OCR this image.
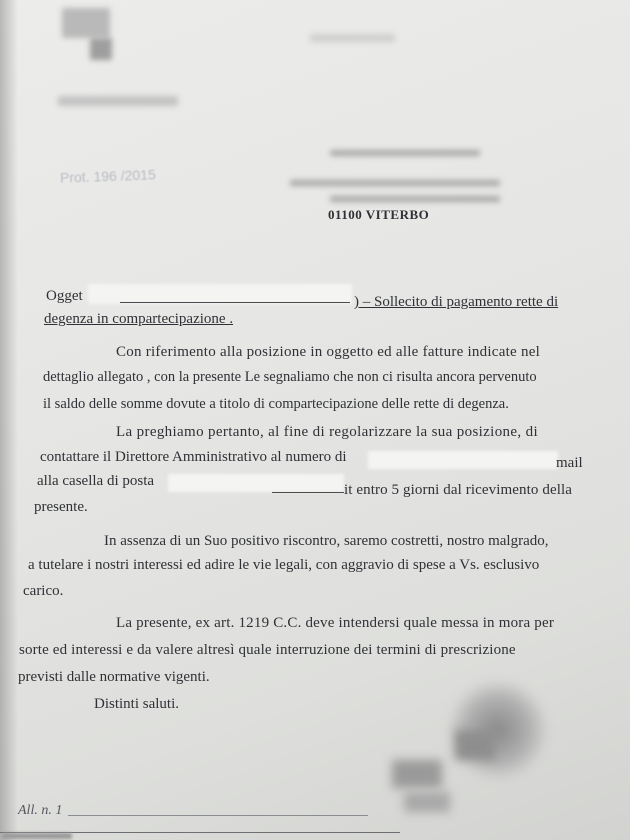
Prot. 196 /2015
01100 VITERBO
Ogget	) – Sollecito di pagamento rette di
degenza in compartecipazione .
Con riferimento alla posizione in oggetto ed alle fatture indicate nel
dettaglio allegato , con la presente Le segnaliamo che non ci risulta ancora pervenuto
il saldo delle somme dovute a titolo di compartecipazione delle rette di degenza.
La preghiamo pertanto, al fine di regolarizzare la sua posizione, di
contattare il Direttore Amministrativo al numero di	mail
alla casella di posta
it entro 5 giorni dal ricevimento della
presente.
In assenza di un Suo positivo riscontro, saremo costretti, nostro malgrado,
a tutelare i nostri interessi ed adire le vie legali, con aggravio di spese a Vs. esclusivo
carico.
La presente, ex art. 1219 C.C. deve intendersi quale messa in mora per
sorte ed interessi e da valere altresì quale interruzione dei termini di prescrizione
previsti dalle normative vigenti.
Distinti saluti.
All. n. 1
